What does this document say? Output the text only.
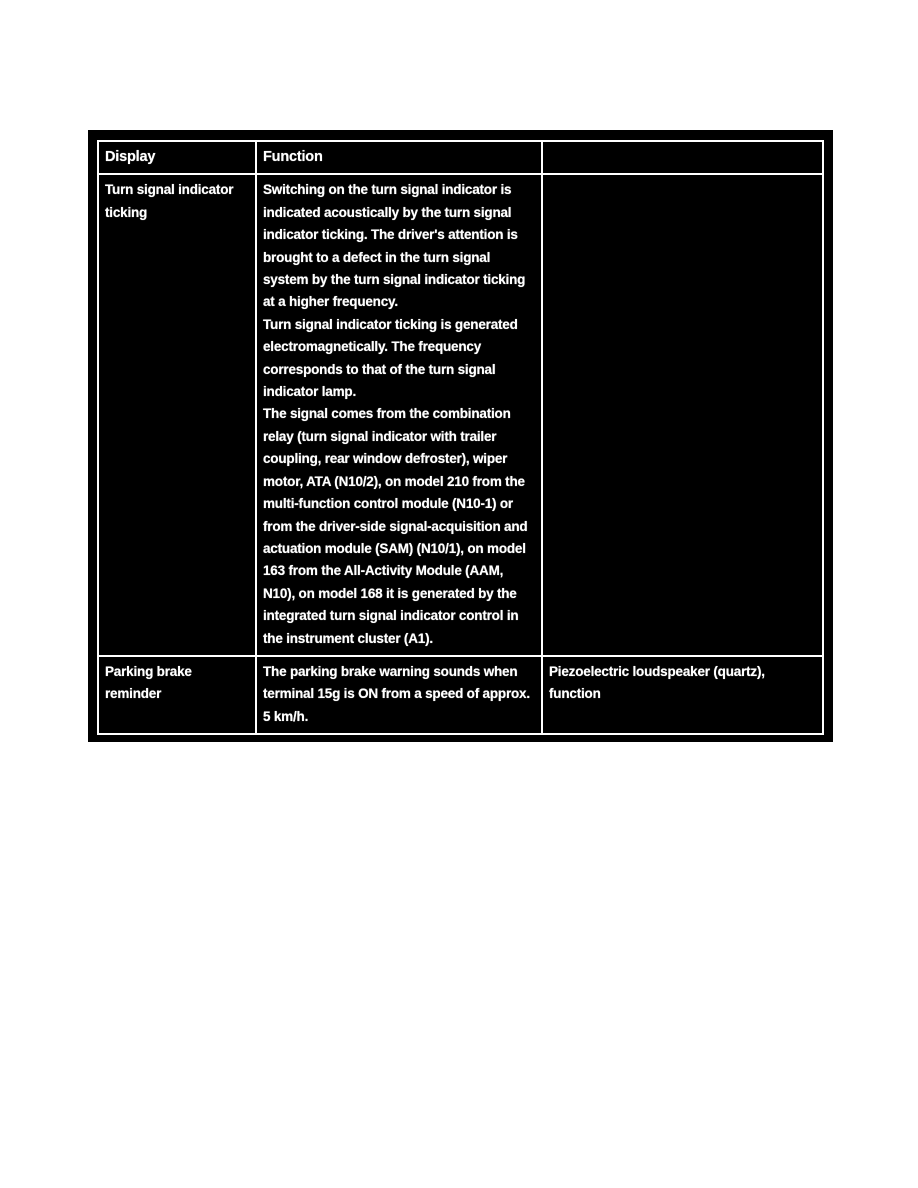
Display	Function	
Turn signal indicator ticking	Switching on the turn signal indicator is indicated acoustically by the turn signal indicator ticking. The driver's attention is brought to a defect in the turn signal system by the turn signal indicator ticking at a higher frequency.

Turn signal indicator ticking is generated electromagnetically. The frequency corresponds to that of the turn signal indicator lamp.

The signal comes from the combination relay (turn signal indicator with trailer coupling, rear window defroster), wiper motor, ATA (N10/2), on model 210 from the multi-function control module (N10-1) or from the driver-side signal-acquisition and actuation module (SAM) (N10/1), on model 163 from the All-Activity Module (AAM, N10), on model 168 it is generated by the integrated turn signal indicator control in the instrument cluster (A1).	

Parking brake reminder	The parking brake warning sounds when terminal 15g is ON from a speed of approx. 5 km/h.	Piezoelectric loudspeaker (quartz), function
